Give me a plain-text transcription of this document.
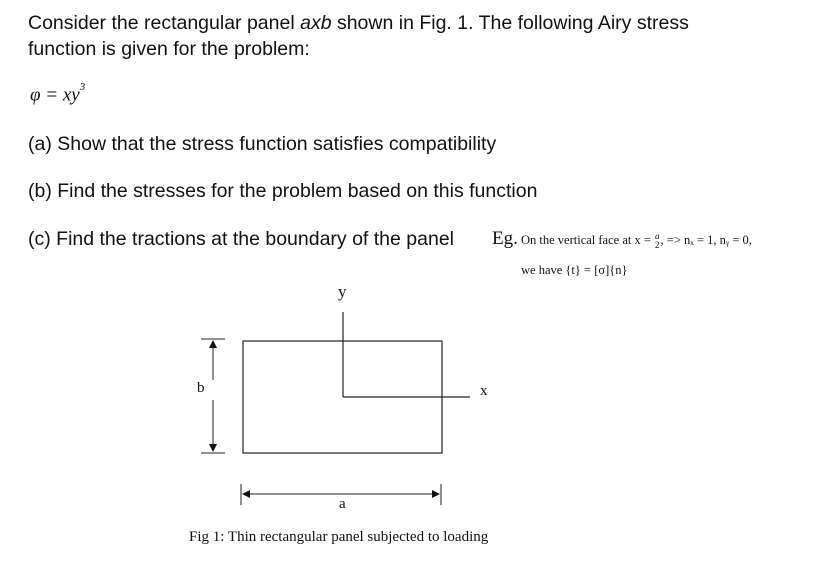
Consider the rectangular panel axb shown in Fig. 1. The following Airy stress
function is given for the problem:
$\varphi = xy^3$
(a) Show that the stress function satisfies compatibility
(b) Find the stresses for the problem based on this function
(c) Find the tractions at the boundary of the panel Eg. On the vertical face at x = a
2, => nₓ = 1, nᵧ = 0,
we have {t} = [σ]{n}
y
x
b
a
Fig 1: Thin rectangular panel subjected to loading
